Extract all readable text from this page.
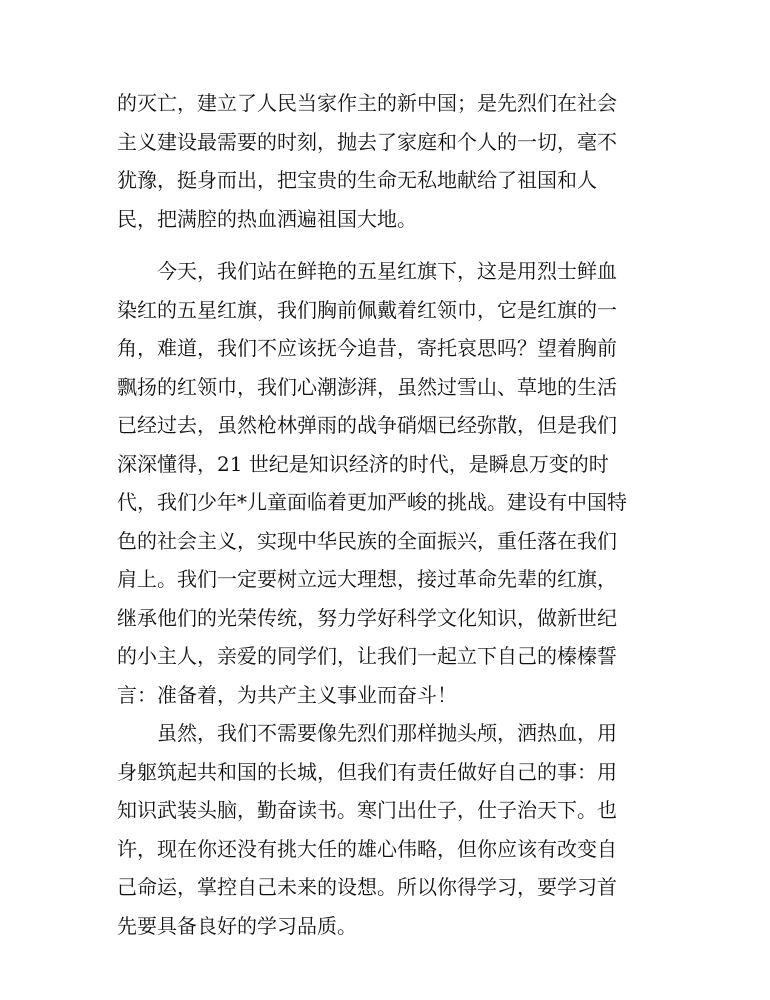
的灭亡，建立了人民当家作主的新中国；是先烈们在社会
主义建设最需要的时刻，抛去了家庭和个人的一切，毫不
犹豫，挺身而出，把宝贵的生命无私地献给了祖国和人
民，把满腔的热血洒遍祖国大地。
　　今天，我们站在鲜艳的五星红旗下，这是用烈士鲜血
染红的五星红旗，我们胸前佩戴着红领巾，它是红旗的一
角，难道，我们不应该抚今追昔，寄托哀思吗？望着胸前
飘扬的红领巾，我们心潮澎湃，虽然过雪山、草地的生活
已经过去，虽然枪林弹雨的战争硝烟已经弥散，但是我们
深深懂得，21 世纪是知识经济的时代，是瞬息万变的时
代，我们少年*儿童面临着更加严峻的挑战。建设有中国特
色的社会主义，实现中华民族的全面振兴，重任落在我们
肩上。我们一定要树立远大理想，接过革命先辈的红旗，
继承他们的光荣传统，努力学好科学文化知识，做新世纪
的小主人，亲爱的同学们，让我们一起立下自己的榛榛誓
言：准备着，为共产主义事业而奋斗！
　　虽然，我们不需要像先烈们那样抛头颅，洒热血，用
身躯筑起共和国的长城，但我们有责任做好自己的事：用
知识武装头脑，勤奋读书。寒门出仕子，仕子治天下。也
许，现在你还没有挑大任的雄心伟略，但你应该有改变自
己命运，掌控自己未来的设想。所以你得学习，要学习首
先要具备良好的学习品质。
